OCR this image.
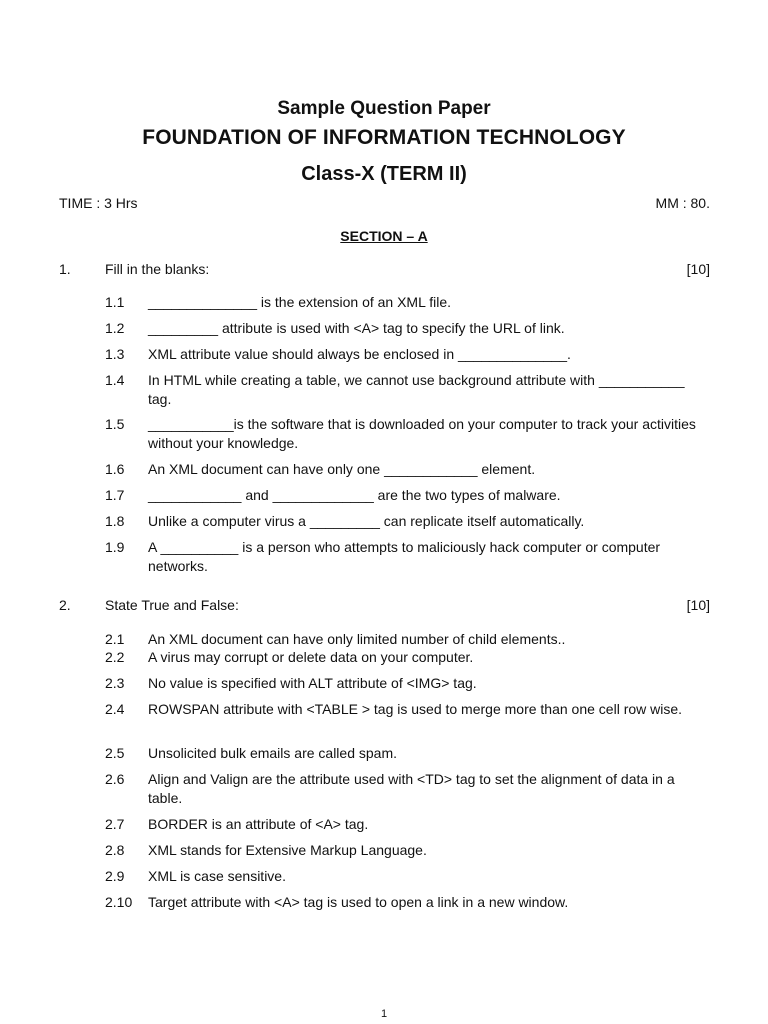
Sample Question Paper
FOUNDATION OF INFORMATION TECHNOLOGY
Class-X (TERM II)
TIME : 3 Hrs	MM : 80.
SECTION – A
1. Fill in the blanks:	[10]
1.1 ______________ is the extension of an XML file.
1.2 _________ attribute is used with <A> tag to specify the URL of link.
1.3 XML attribute value should always be enclosed in ______________.
1.4 In HTML while creating a table, we cannot use background attribute with ___________ tag.
1.5 ___________is the software that is downloaded on your computer to track your activities without your knowledge.
1.6 An XML document can have only one ____________ element.
1.7 ____________ and _____________ are the two types of malware.
1.8 Unlike a computer virus a _________ can replicate itself automatically.
1.9 A __________ is a person who attempts to maliciously hack computer or computer networks.
2. State True and False:	[10]
2.1 An XML document can have only limited number of child elements..
2.2 A virus may corrupt or delete data on your computer.
2.3 No value is specified with ALT attribute of <IMG> tag.
2.4 ROWSPAN attribute with <TABLE > tag is used to merge more than one cell row wise.
2.5 Unsolicited bulk emails are called spam.
2.6 Align and Valign are the attribute used with <TD> tag to set the alignment of data in a table.
2.7 BORDER is an attribute of <A> tag.
2.8 XML stands for Extensive Markup Language.
2.9 XML is case sensitive.
2.10 Target attribute with <A> tag is used to open a link in a new window.
1
